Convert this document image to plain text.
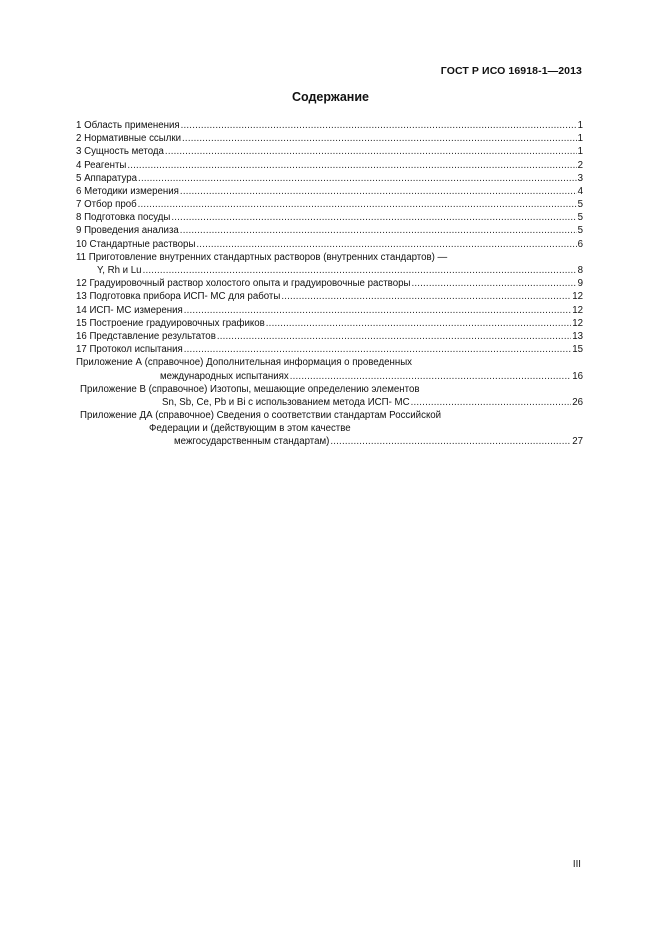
ГОСТ Р ИСО 16918-1—2013
Содержание
1 Область применения .....	1
2 Нормативные ссылки .....	1
3 Сущность метода .....	1
4 Реагенты .....	2
5 Аппаратура .....	3
6 Методики измерения .....	4
7 Отбор проб .....	5
8 Подготовка посуды .....	5
9 Проведения анализа .....	5
10 Стандартные растворы .....	6
11 Приготовление внутренних стандартных растворов (внутренних стандартов) —
Y, Rh и Lu .....	8
12 Градуировочный раствор холостого опыта и градуировочные растворы .....	9
13 Подготовка прибора ИСП- МС для работы .....	12
14 ИСП- МС измерения .....	12
15 Построение градуировочных графиков .....	12
16 Представление результатов .....	13
17 Протокол испытания .....	15
Приложение А (справочное) Дополнительная информация о проведенных
международных испытаниях .....	16
Приложение В (справочное) Изотопы, мешающие определению элементов
Sn, Sb, Ce, Pb и Bi с использованием метода ИСП- МС .....	26
Приложение ДА (справочное) Сведения о соответствии стандартам Российской
Федерации и (действующим в этом качестве
межгосударственным стандартам) .....	27
III
